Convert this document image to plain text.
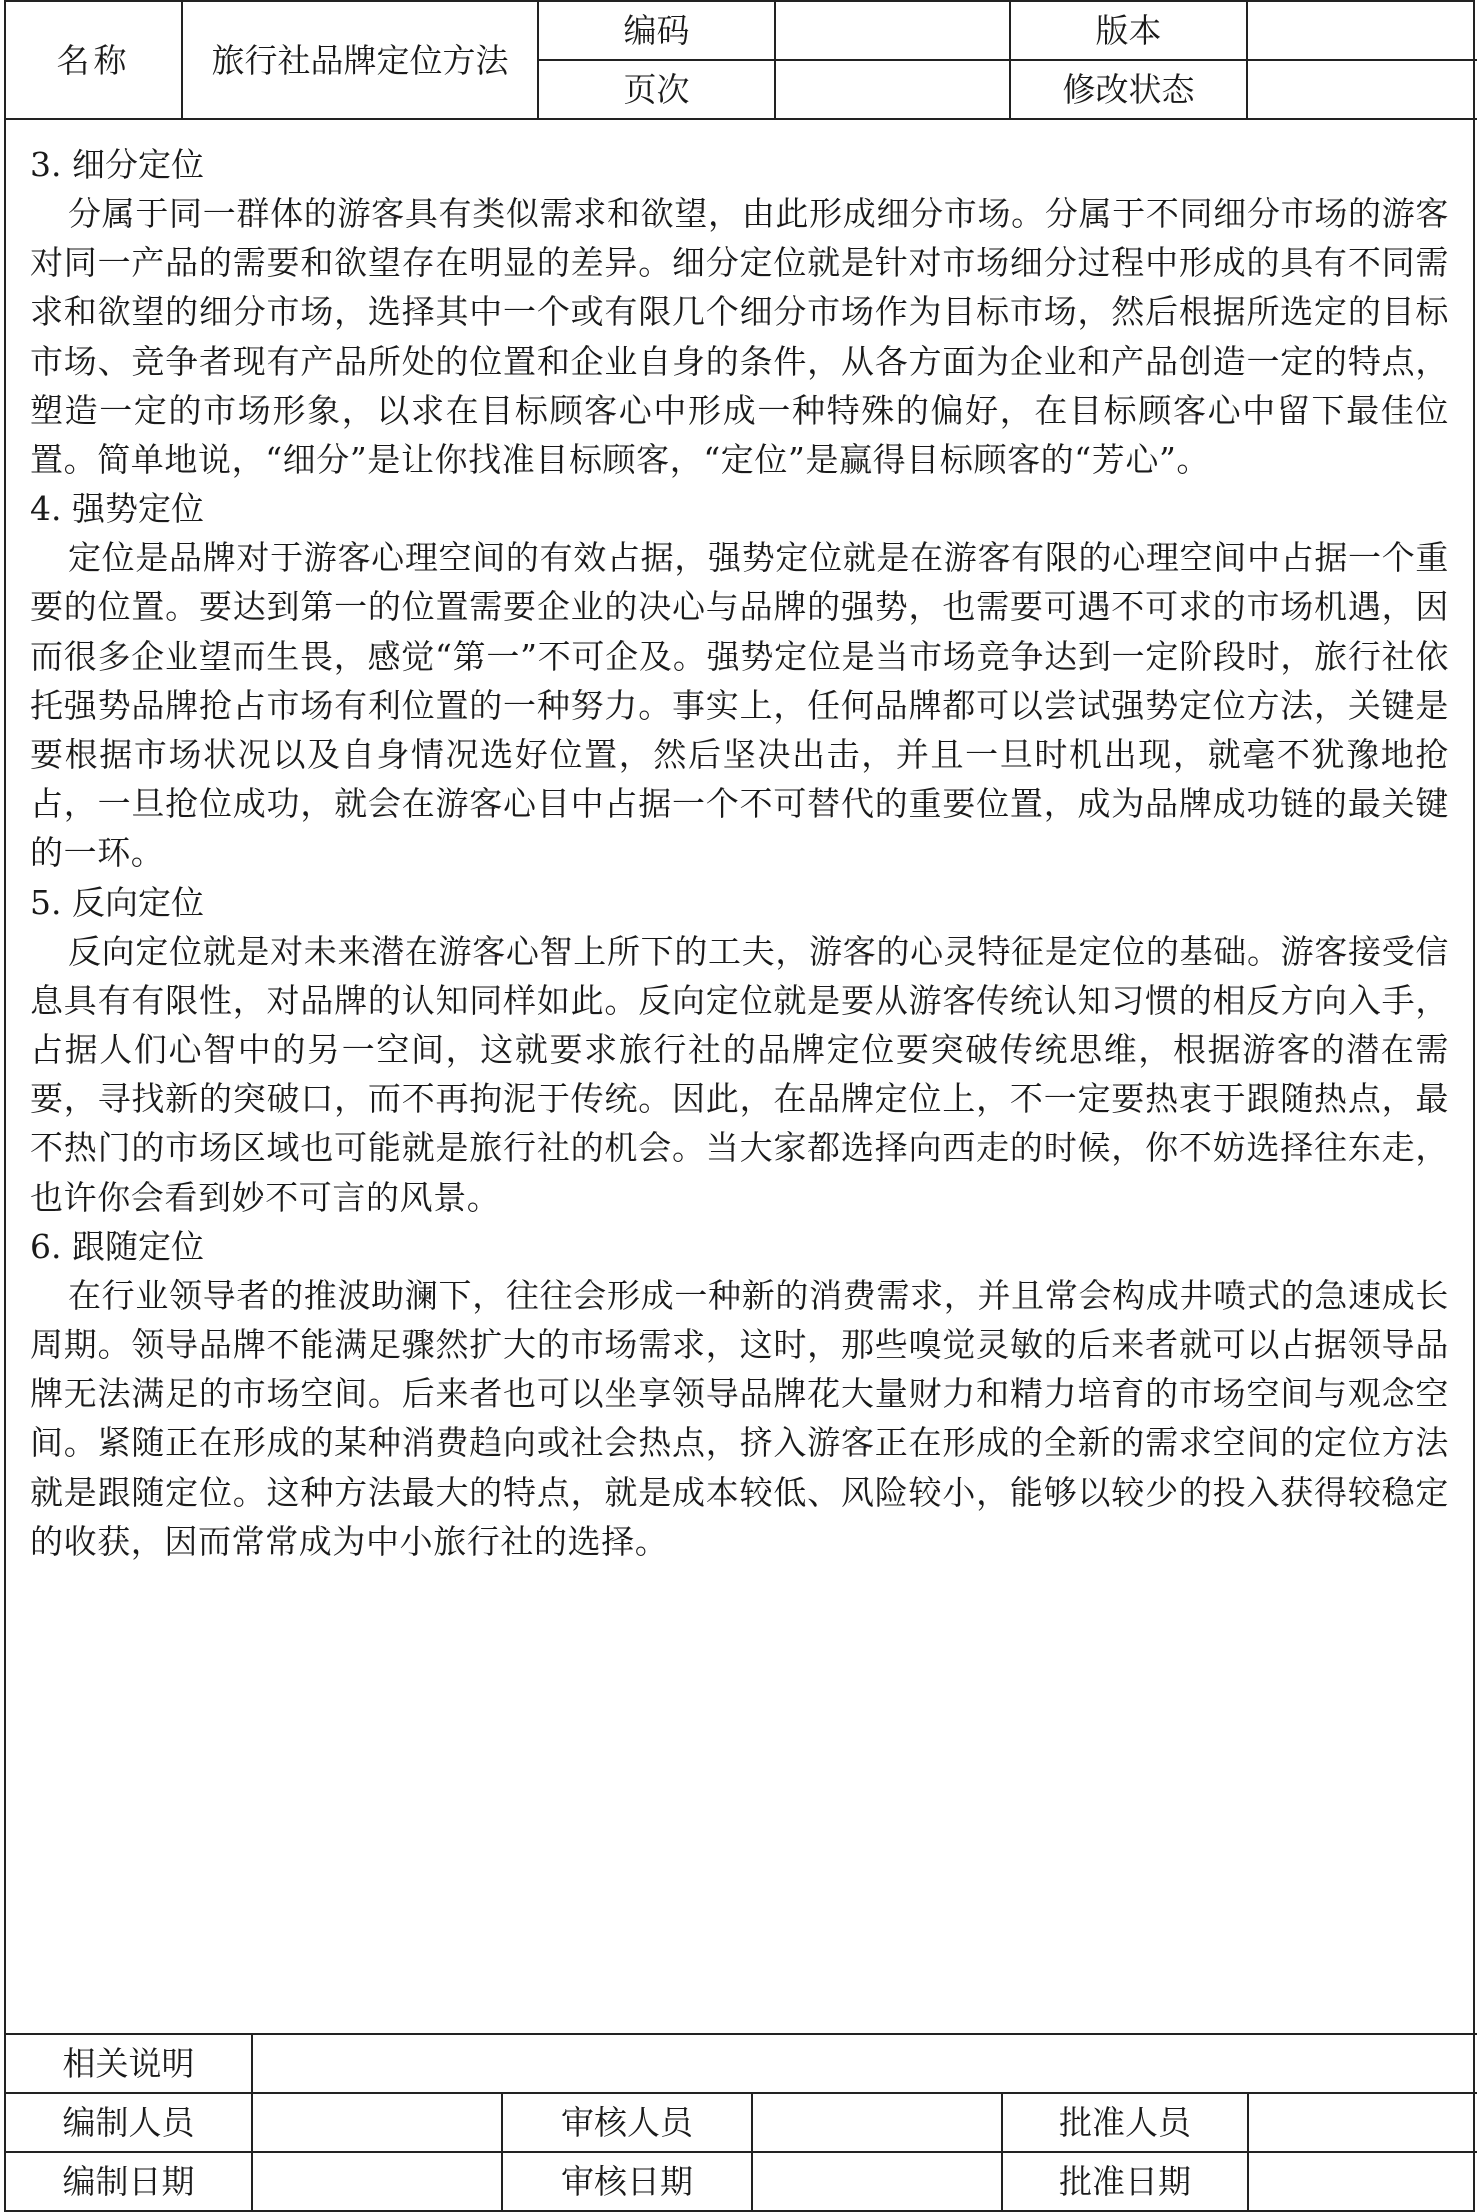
名称	旅行社品牌定位方法	编码		版本	
		页次		修改状态	

3. 细分定位

分属于同一群体的游客具有类似需求和欲望，由此形成细分市场。分属于不同细分市场的游客对同一产品的需要和欲望存在明显的差异。细分定位就是针对市场细分过程中形成的具有不同需求和欲望的细分市场，选择其中一个或有限几个细分市场作为目标市场，然后根据所选定的目标市场、竞争者现有产品所处的位置和企业自身的条件，从各方面为企业和产品创造一定的特点，塑造一定的市场形象，以求在目标顾客心中形成一种特殊的偏好，在目标顾客心中留下最佳位置。简单地说，“细分”是让你找准目标顾客，“定位”是赢得目标顾客的“芳心”。

4. 强势定位

定位是品牌对于游客心理空间的有效占据，强势定位就是在游客有限的心理空间中占据一个重要的位置。要达到第一的位置需要企业的决心与品牌的强势，也需要可遇不可求的市场机遇，因而很多企业望而生畏，感觉“第一”不可企及。强势定位是当市场竞争达到一定阶段时，旅行社依托强势品牌抢占市场有利位置的一种努力。事实上，任何品牌都可以尝试强势定位方法，关键是要根据市场状况以及自身情况选好位置，然后坚决出击，并且一旦时机出现，就毫不犹豫地抢占，一旦抢位成功，就会在游客心目中占据一个不可替代的重要位置，成为品牌成功链的最关键的一环。

5. 反向定位

反向定位就是对未来潜在游客心智上所下的工夫，游客的心灵特征是定位的基础。游客接受信息具有有限性，对品牌的认知同样如此。反向定位就是要从游客传统认知习惯的相反方向入手，占据人们心智中的另一空间，这就要求旅行社的品牌定位要突破传统思维，根据游客的潜在需要，寻找新的突破口，而不再拘泥于传统。因此，在品牌定位上，不一定要热衷于跟随热点，最不热门的市场区域也可能就是旅行社的机会。当大家都选择向西走的时候，你不妨选择往东走，也许你会看到妙不可言的风景。

6. 跟随定位

在行业领导者的推波助澜下，往往会形成一种新的消费需求，并且常会构成井喷式的急速成长周期。领导品牌不能满足骤然扩大的市场需求，这时，那些嗅觉灵敏的后来者就可以占据领导品牌无法满足的市场空间。后来者也可以坐享领导品牌花大量财力和精力培育的市场空间与观念空间。紧随正在形成的某种消费趋向或社会热点，挤入游客正在形成的全新的需求空间的定位方法就是跟随定位。这种方法最大的特点，就是成本较低、风险较小，能够以较少的投入获得较稳定的收获，因而常常成为中小旅行社的选择。

相关说明					
编制人员		审核人员		批准人员	
编制日期		审核日期		批准日期	
